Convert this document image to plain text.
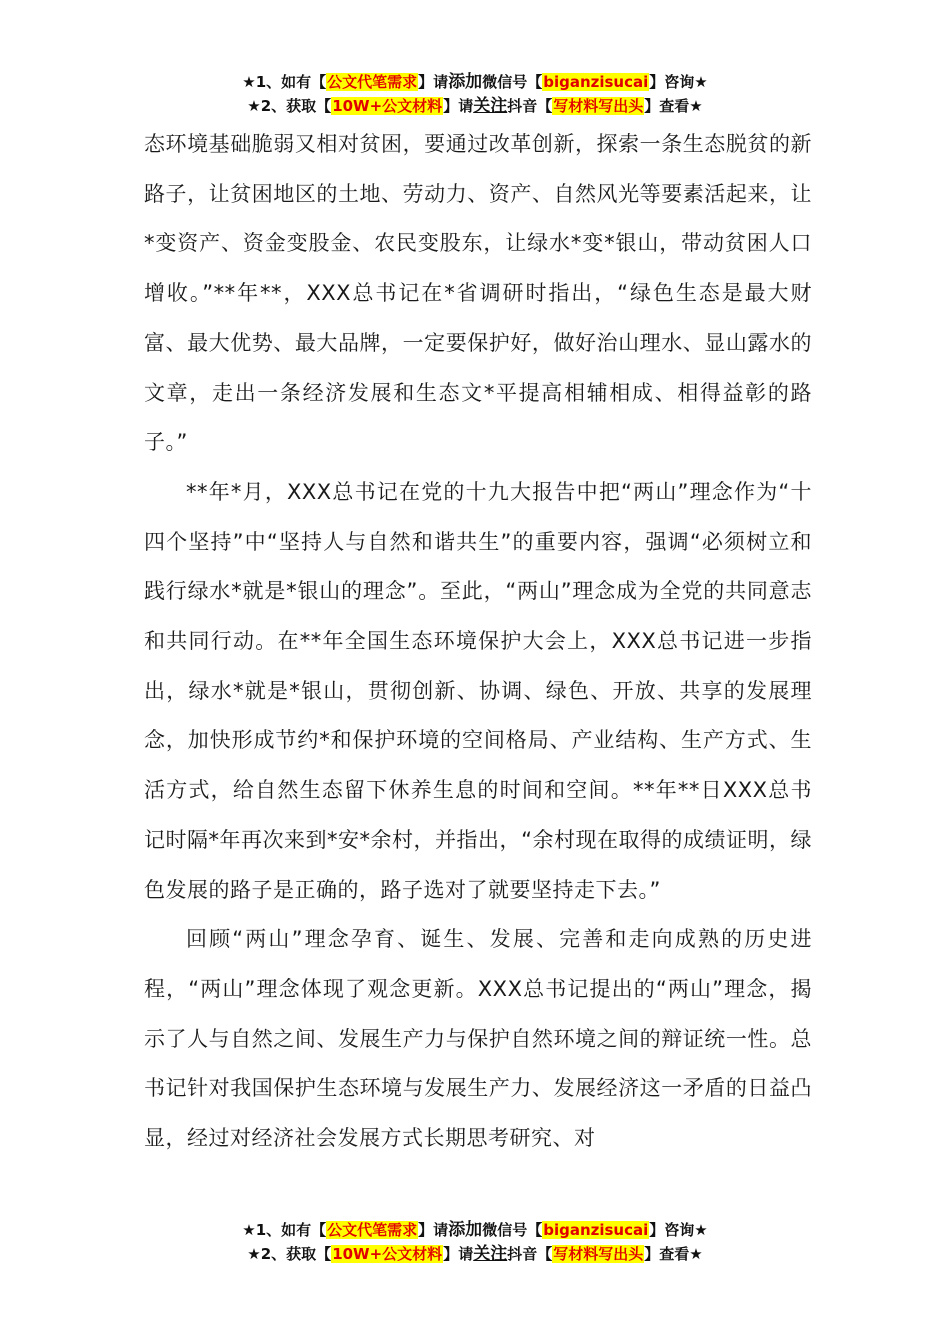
★1、如有【公文代笔需求】请添加微信号【biganzisucai】咨询★
★2、获取【10W+公文材料】请关注抖音【写材料写出头】查看★

态环境基础脆弱又相对贫困，要通过改革创新，探索一条生态脱贫的新路子，让贫困地区的土地、劳动力、资产、自然风光等要素活起来，让*变资产、资金变股金、农民变股东，让绿水*变*银山，带动贫困人口增收。”**年**，XXX总书记在*省调研时指出，“绿色生态是最大财富、最大优势、最大品牌，一定要保护好，做好治山理水、显山露水的文章，走出一条经济发展和生态文*平提高相辅相成、相得益彰的路子。”

**年*月，XXX总书记在党的十九大报告中把“两山”理念作为“十四个坚持”中“坚持人与自然和谐共生”的重要内容，强调“必须树立和践行绿水*就是*银山的理念”。至此，“两山”理念成为全党的共同意志和共同行动。在**年全国生态环境保护大会上，XXX总书记进一步指出，绿水*就是*银山，贯彻创新、协调、绿色、开放、共享的发展理念，加快形成节约*和保护环境的空间格局、产业结构、生产方式、生活方式，给自然生态留下休养生息的时间和空间。**年**日XXX总书记时隔*年再次来到*安*余村，并指出，“余村现在取得的成绩证明，绿色发展的路子是正确的，路子选对了就要坚持走下去。”

回顾“两山”理念孕育、诞生、发展、完善和走向成熟的历史进程，“两山”理念体现了观念更新。XXX总书记提出的“两山”理念，揭示了人与自然之间、发展生产力与保护自然环境之间的辩证统一性。总书记针对我国保护生态环境与发展生产力、发展经济这一矛盾的日益凸显，经过对经济社会发展方式长期思考研究、对

★1、如有【公文代笔需求】请添加微信号【biganzisucai】咨询★
★2、获取【10W+公文材料】请关注抖音【写材料写出头】查看★
